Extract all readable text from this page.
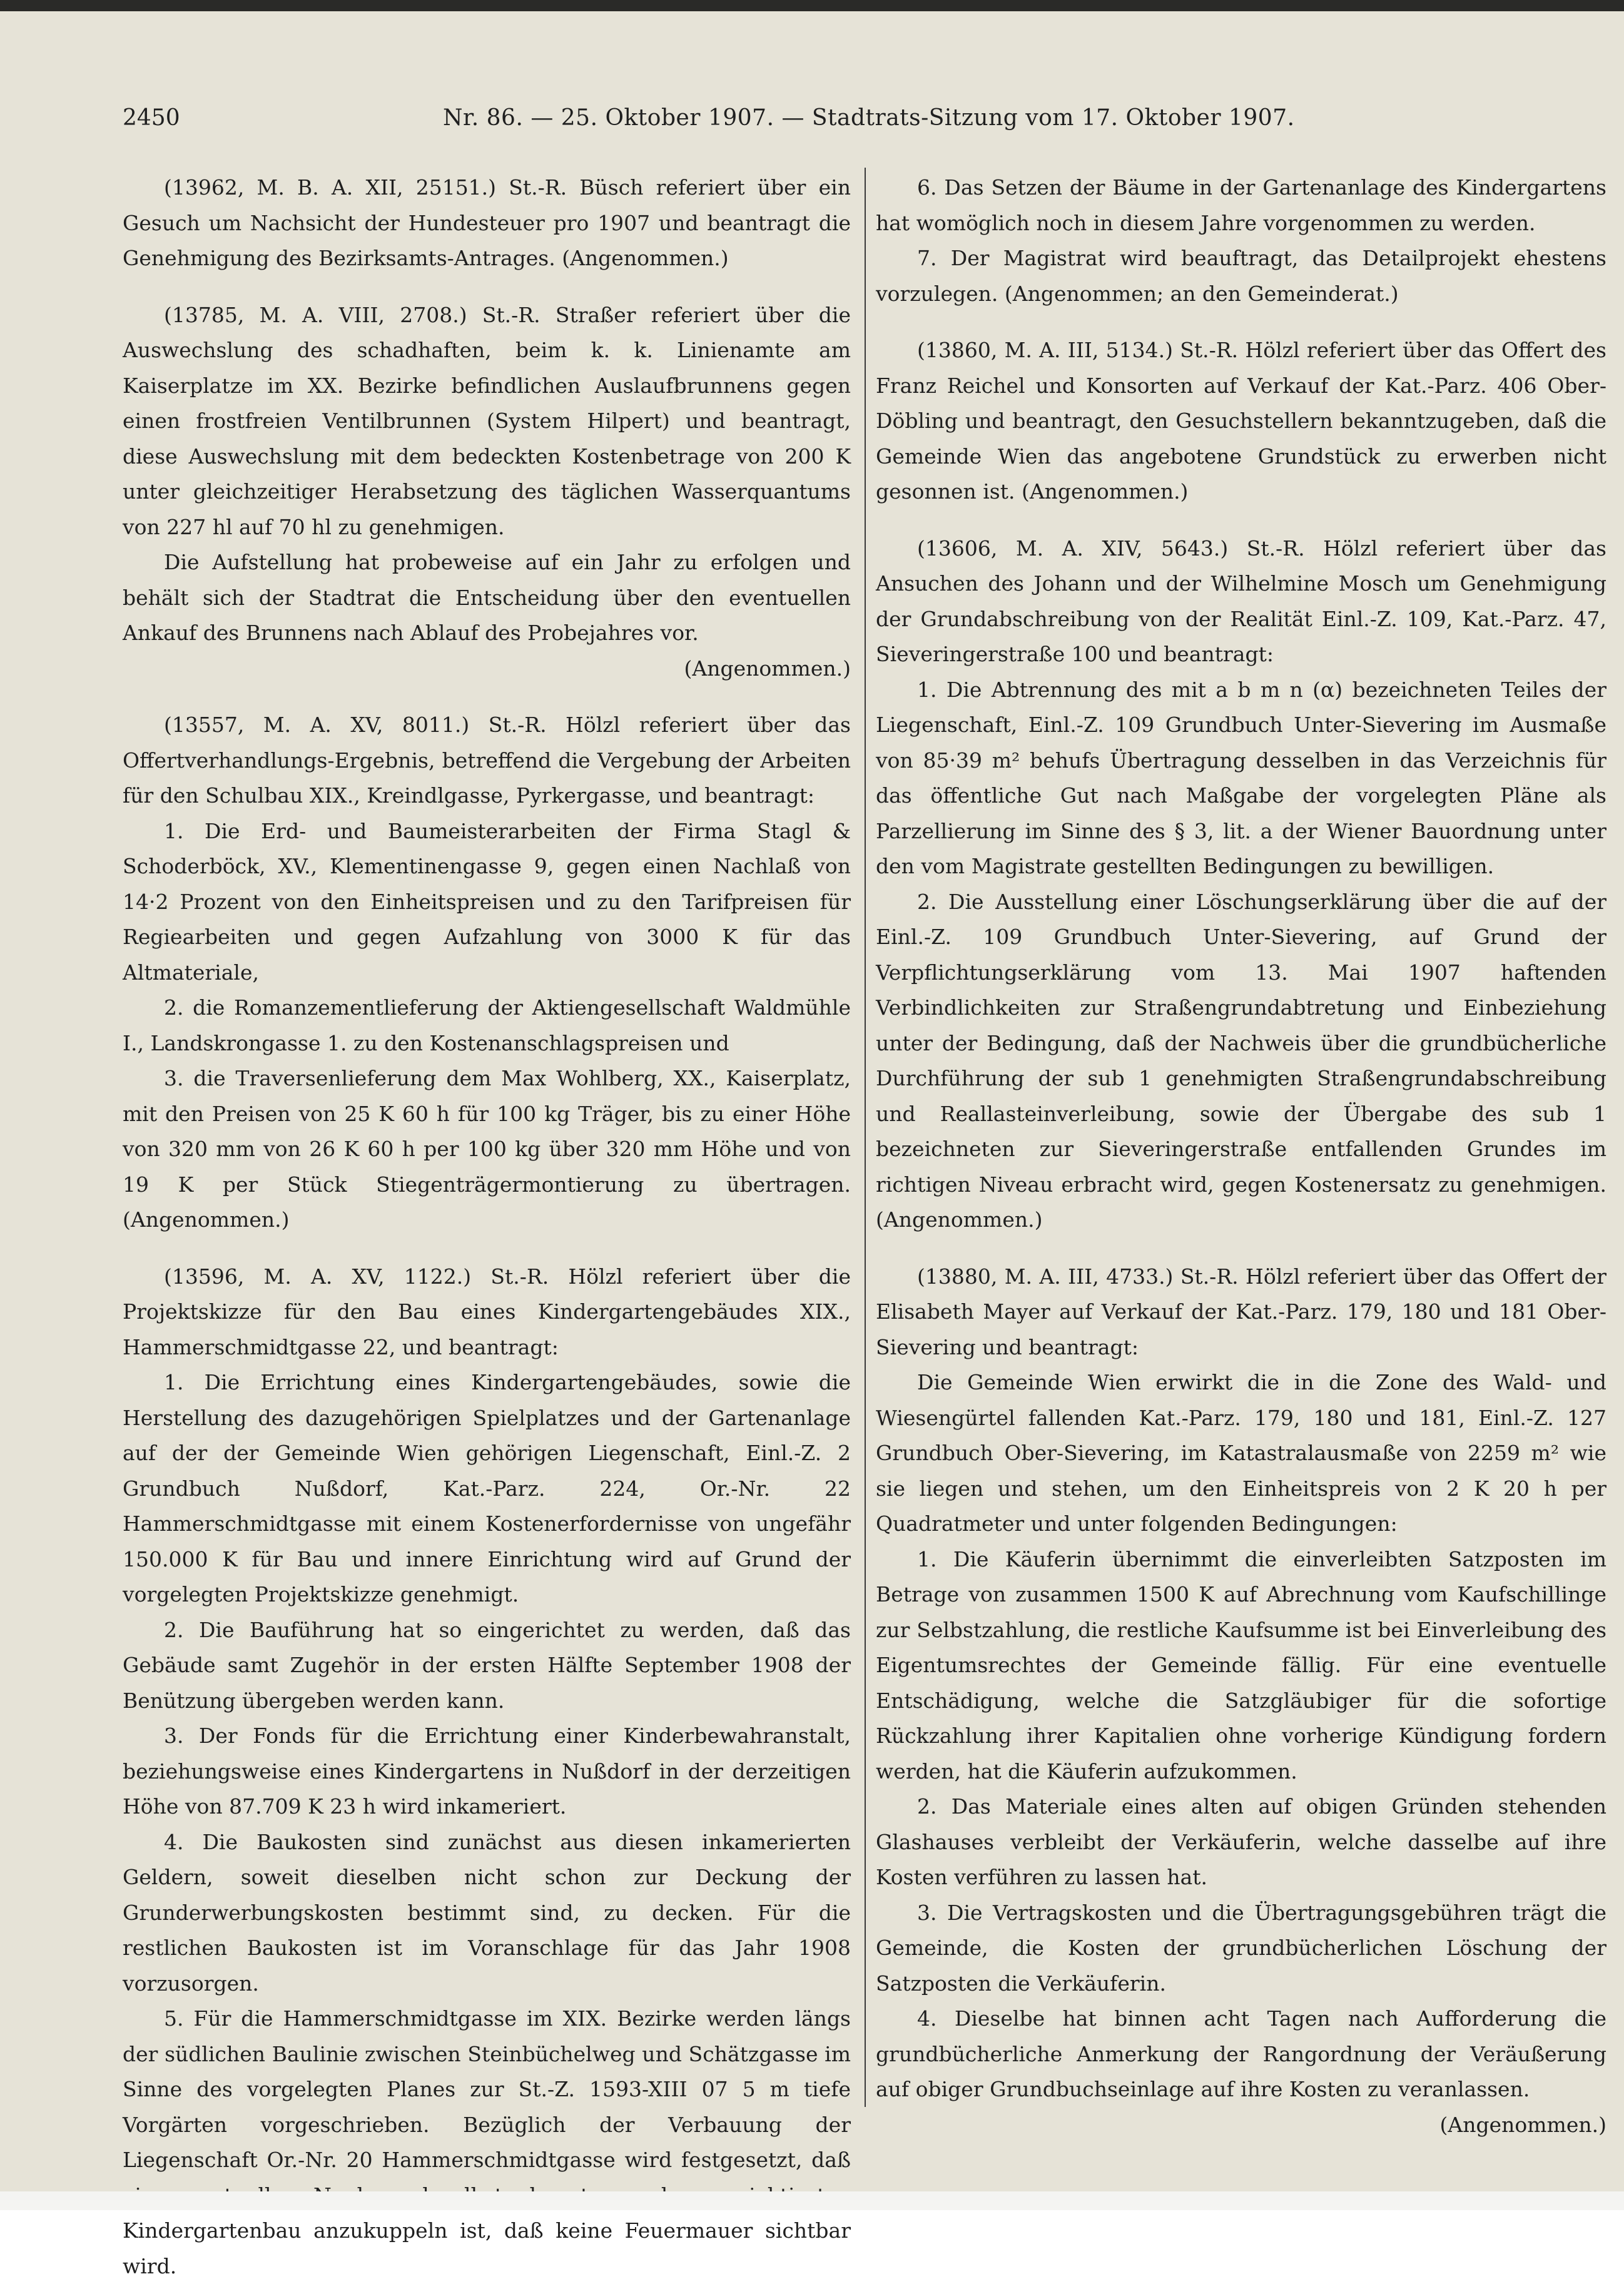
2450	Nr. 86. — 25. Oktober 1907. — Stadtrats-Sitzung vom 17. Oktober 1907.

(13962, M. B. A. XII, 25151.) St.-R. Büsch referiert über ein Gesuch um Nachsicht der Hundesteuer pro 1907 und beantragt die Genehmigung des Bezirksamts-Antrages. (Angenommen.)

(13785, M. A. VIII, 2708.) St.-R. Straßer referiert über die Auswechslung des schadhaften, beim k. k. Linienamte am Kaiserplatze im XX. Bezirke befindlichen Auslaufbrunnens gegen einen frostfreien Ventilbrunnen (System Hilpert) und beantragt, diese Auswechslung mit dem bedeckten Kostenbetrage von 200 K unter gleichzeitiger Herabsetzung des täglichen Wasserquantums von 227 hl auf 70 hl zu genehmigen.

Die Aufstellung hat probeweise auf ein Jahr zu erfolgen und behält sich der Stadtrat die Entscheidung über den eventuellen Ankauf des Brunnens nach Ablauf des Probejahres vor.

(Angenommen.)

(13557, M. A. XV, 8011.) St.-R. Hölzl referiert über das Offertverhandlungs-Ergebnis, betreffend die Vergebung der Arbeiten für den Schulbau XIX., Kreindlgasse, Pyrkergasse, und beantragt:

1. Die Erd- und Baumeisterarbeiten der Firma Stagl & Schoderböck, XV., Klementinengasse 9, gegen einen Nachlaß von 14·2 Prozent von den Einheitspreisen und zu den Tarifpreisen für Regiearbeiten und gegen Aufzahlung von 3000 K für das Altmateriale,

2. die Romanzementlieferung der Aktiengesellschaft Waldmühle I., Landskrongasse 1. zu den Kostenanschlagspreisen und

3. die Traversenlieferung dem Max Wohlberg, XX., Kaiserplatz, mit den Preisen von 25 K 60 h für 100 kg Träger, bis zu einer Höhe von 320 mm von 26 K 60 h per 100 kg über 320 mm Höhe und von 19 K per Stück Stiegenträgermontierung zu übertragen. (Angenommen.)

(13596, M. A. XV, 1122.) St.-R. Hölzl referiert über die Projektskizze für den Bau eines Kindergartengebäudes XIX., Hammerschmidtgasse 22, und beantragt:

1. Die Errichtung eines Kindergartengebäudes, sowie die Herstellung des dazugehörigen Spielplatzes und der Gartenanlage auf der der Gemeinde Wien gehörigen Liegenschaft, Einl.-Z. 2 Grundbuch Nußdorf, Kat.-Parz. 224, Or.-Nr. 22 Hammerschmidtgasse mit einem Kostenerfordernisse von ungefähr 150.000 K für Bau und innere Einrichtung wird auf Grund der vorgelegten Projektskizze genehmigt.

2. Die Bauführung hat so eingerichtet zu werden, daß das Gebäude samt Zugehör in der ersten Hälfte September 1908 der Benützung übergeben werden kann.

3. Der Fonds für die Errichtung einer Kinderbewahranstalt, beziehungsweise eines Kindergartens in Nußdorf in der derzeitigen Höhe von 87.709 K 23 h wird inkameriert.

4. Die Baukosten sind zunächst aus diesen inkamerierten Geldern, soweit dieselben nicht schon zur Deckung der Grunderwerbungskosten bestimmt sind, zu decken. Für die restlichen Baukosten ist im Voranschlage für das Jahr 1908 vorzusorgen.

5. Für die Hammerschmidtgasse im XIX. Bezirke werden längs der südlichen Baulinie zwischen Steinbüchelweg und Schätzgasse im Sinne des vorgelegten Planes zur St.-Z. 1593-XIII 07 5 m tiefe Vorgärten vorgeschrieben. Bezüglich der Verbauung der Liegenschaft Or.-Nr. 20 Hammerschmidtgasse wird festgesetzt, daß Kindergartenbau anzukuppeln ist, daß keine Feuermauer sichtbar wird.

6. Das Setzen der Bäume in der Gartenanlage des Kindergartens hat womöglich noch in diesem Jahre vorgenommen zu werden.

7. Der Magistrat wird beauftragt, das Detailprojekt ehestens vorzulegen. (Angenommen; an den Gemeinderat.)

(13860, M. A. III, 5134.) St.-R. Hölzl referiert über das Offert des Franz Reichel und Konsorten auf Verkauf der Kat.-Parz. 406 Ober-Döbling und beantragt, den Gesuchstellern bekanntzugeben, daß die Gemeinde Wien das angebotene Grundstück zu erwerben nicht gesonnen ist. (Angenommen.)

(13606, M. A. XIV, 5643.) St.-R. Hölzl referiert über das Ansuchen des Johann und der Wilhelmine Mosch um Genehmigung der Grundabschreibung von der Realität Einl.-Z. 109, Kat.-Parz. 47, Sieveringerstraße 100 und beantragt:

1. Die Abtrennung des mit a b m n (α) bezeichneten Teiles der Liegenschaft, Einl.-Z. 109 Grundbuch Unter-Sievering im Ausmaße von 85·39 m² behufs Übertragung desselben in das Verzeichnis für das öffentliche Gut nach Maßgabe der vorgelegten Pläne als Parzellierung im Sinne des § 3, lit. a der Wiener Bauordnung unter den vom Magistrate gestellten Bedingungen zu bewilligen.

2. Die Ausstellung einer Löschungserklärung über die auf der Einl.-Z. 109 Grundbuch Unter-Sievering, auf Grund der Verpflichtungserklärung vom 13. Mai 1907 haftenden Verbindlichkeiten zur Straßengrundabtretung und Einbeziehung unter der Bedingung, daß der Nachweis über die grundbücherliche Durchführung der sub 1 genehmigten Straßengrundabschreibung und Reallasteinverleibung, sowie der Übergabe des sub 1 bezeichneten zur Sieveringerstraße entfallenden Grundes im richtigen Niveau erbracht wird, gegen Kostenersatz zu genehmigen. (Angenommen.)

(13880, M. A. III, 4733.) St.-R. Hölzl referiert über das Offert der Elisabeth Mayer auf Verkauf der Kat.-Parz. 179, 180 und 181 Ober-Sievering und beantragt:

Die Gemeinde Wien erwirkt die in die Zone des Wald- und Wiesengürtel fallenden Kat.-Parz. 179, 180 und 181, Einl.-Z. 127 Grundbuch Ober-Sievering, im Katastralausmaße von 2259 m² wie sie liegen und stehen, um den Einheitspreis von 2 K 20 h per Quadratmeter und unter folgenden Bedingungen:

1. Die Käuferin übernimmt die einverleibten Satzposten im Betrage von zusammen 1500 K auf Abrechnung vom Kaufschillinge zur Selbstzahlung, die restliche Kaufsumme ist bei Einverleibung des Eigentumsrechtes der Gemeinde fällig. Für eine eventuelle Entschädigung, welche die Satzgläubiger für die sofortige Rückzahlung ihrer Kapitalien ohne vorherige Kündigung fordern werden, hat die Käuferin aufzukommen.

2. Das Materiale eines alten auf obigen Gründen stehenden Glashauses verbleibt der Verkäuferin, welche dasselbe auf ihre Kosten verführen zu lassen hat.

3. Die Vertragskosten und die Übertragungsgebühren trägt die Gemeinde, die Kosten der grundbücherlichen Löschung der Satzposten die Verkäuferin.

4. Dieselbe hat binnen acht Tagen nach Aufforderung die grundbücherliche Anmerkung der Rangordnung der Veräußerung auf obiger Grundbuchseinlage auf ihre Kosten zu veranlassen.

(Angenommen.)
